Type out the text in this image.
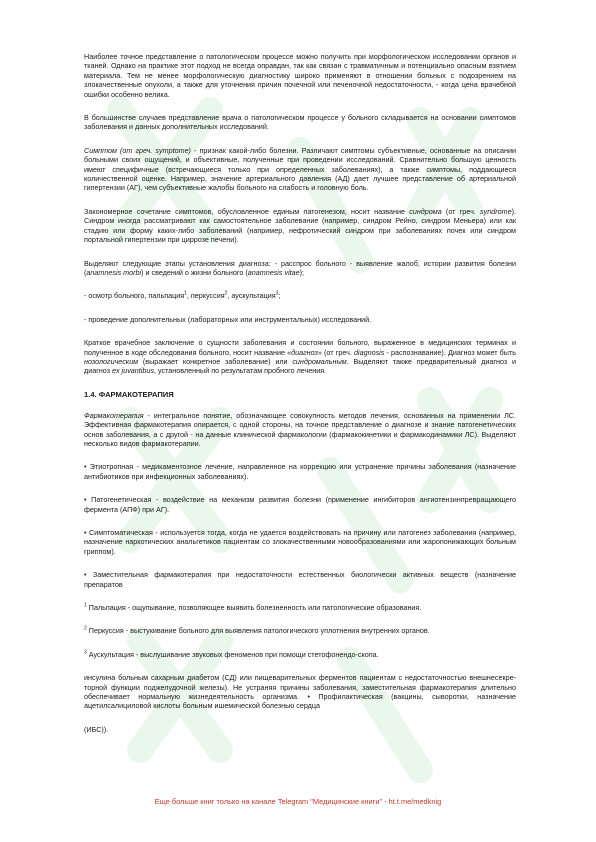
Наиболее точное представление о патологическом процессе можно получить при морфологическом исследовании органов и тканей. Однако на практике этот подход не всегда оправдан, так как связан с травматичным и потенциально опасным взятием материала. Тем не менее морфологическую диагностику широко применяют в отношении больных с подозрением на злокачественные опухоли, а также для уточнения причин почечной или печеночной недостаточности, - когда цена врачебной ошибки особенно велика.

В большинстве случаев представление врача о патологическом процессе у больного складывается на основании симптомов заболевания и данных дополнительных исследований.

Симптом (от греч. symptome) - признак какой-либо болезни. Различают симптомы субъективные, основанные на описании больными своих ощущений, и объективные, полученные при проведении исследований. Сравнительно большую ценность имеют специфичные (встречающиеся только при определенных заболеваниях), а также симптомы, поддающиеся количественной оценке. Например, значение артериального давления (АД) дает лучшее представление об артериальной гипертензии (АГ), чем субъективные жалобы больного на слабость и головную боль.

Закономерное сочетание симптомов, обусловленное единым патогенезом, носит название синдрома (от греч. syndrome). Синдром иногда рассматривают как самостоятельное заболевание (например, синдром Рейно, синдром Меньера) или как стадию или форму каких-либо заболеваний (например, нефротический синдром при заболеваниях почек или синдром портальной гипертензии при циррозе печени).

Выделяют следующие этапы установления диагноза: - расспрос больного - выявление жалоб, истории развития болезни (anamnesis morbi) и сведений о жизни больного (anamnesis vitae);

- осмотр больного, пальпация$^1$, перкуссия$^2$, аускультация$^3$;

- проведение дополнительных (лабораторных или инструментальных) исследований.

Краткое врачебное заключение о сущности заболевания и состоянии больного, выраженное в медицинских терминах и полученное в ходе обследования больного, носит название «диагноз» (от греч. diagnosis - распознавание). Диагноз может быть нозологическим (выражает конкретное заболевание) или синдромальным. Выделяют также предварительный диагноз и диагноз ex juvantibus, установленный по результатам пробного лечения.

1.4. ФАРМАКОТЕРАПИЯ

Фармакотерапия - интегральное понятие, обозначающее совокупность методов лечения, основанных на применении ЛС. Эффективная фармакотерапия опирается, с одной стороны, на точное представление о диагнозе и знание патогенетических основ заболевания, а с другой - на данные клинической фармакологии (фармакокинетики и фармакодинамики ЛС). Выделяют несколько видов фармакотерапии.

• Этиотропная - медикаментозное лечение, направленное на коррекцию или устранение причины заболевания (назначение антибиотиков при инфекционных заболеваниях).

• Патогенетическая - воздействие на механизм развития болезни (применение ингибиторов ангиотензинпревращающего фермента (АПФ) при АГ).

• Симптоматическая - используется тогда, когда не удается воздействовать на причину или патогенез заболевания (например, назначение наркотических анальгетиков пациентам со злокачественными новообразованиями или жаропонижающих больным гриппом).

• Заместительная фармакотерапия при недостаточности естественных биологически активных веществ (назначение препаратов

$^1$ Пальпация - ощупывание, позволяющее выявить болезненность или патологические образования.

$^2$ Перкуссия - выстукивание больного для выявления патологического уплотнения внутренних органов.

$^3$ Аускультация - выслушивание звуковых феноменов при помощи стетофонендо-скопа.

инсулина больным сахарным диабетом (СД) или пищеварительных ферментов пациентам с недостаточностью внешнесекре-торной функции поджелудочной железы). Не устраняя причины заболевания, заместительная фармакотерапия длительно обеспечивает нормальную жизнедеятельность организма. • Профилактическая (вакцины, сыворотки, назначение ацетилсалициловой кислоты больным ишемической болезнью сердца

(ИБС)).

Еще больше книг только на канале Telegram "Медицинские книги" - ht.t.me/medknig
